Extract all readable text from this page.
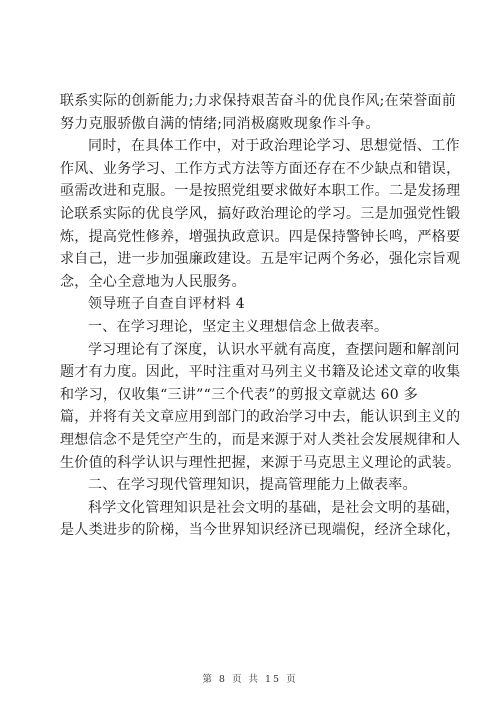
联系实际的创新能力;力求保持艰苦奋斗的优良作风;在荣誉面前
努力克服骄傲自满的情绪;同消极腐败现象作斗争。
同时，在具体工作中，对于政治理论学习、思想觉悟、工作
作风、业务学习、工作方式方法等方面还存在不少缺点和错误，
亟需改进和克服。一是按照党组要求做好本职工作。二是发扬理
论联系实际的优良学风，搞好政治理论的学习。三是加强党性锻
炼，提高党性修养，增强执政意识。四是保持警钟长鸣，严格要
求自己，进一步加强廉政建设。五是牢记两个务必，强化宗旨观
念，全心全意地为人民服务。
领导班子自查自评材料 4
一、在学习理论，坚定主义理想信念上做表率。
学习理论有了深度，认识水平就有高度，查摆问题和解剖问
题才有力度。因此，平时注重对马列主义书籍及论述文章的收集
和学习，仅收集“三讲”“三个代表”的剪报文章就达 60 多
篇，并将有关文章应用到部门的政治学习中去，能认识到主义的
理想信念不是凭空产生的，而是来源于对人类社会发展规律和人
生价值的科学认识与理性把握，来源于马克思主义理论的武装。
二、在学习现代管理知识，提高管理能力上做表率。
科学文化管理知识是社会文明的基础，是社会文明的基础，
是人类进步的阶梯，当今世界知识经济已现端倪，经济全球化，
第 8 页 共 15 页
